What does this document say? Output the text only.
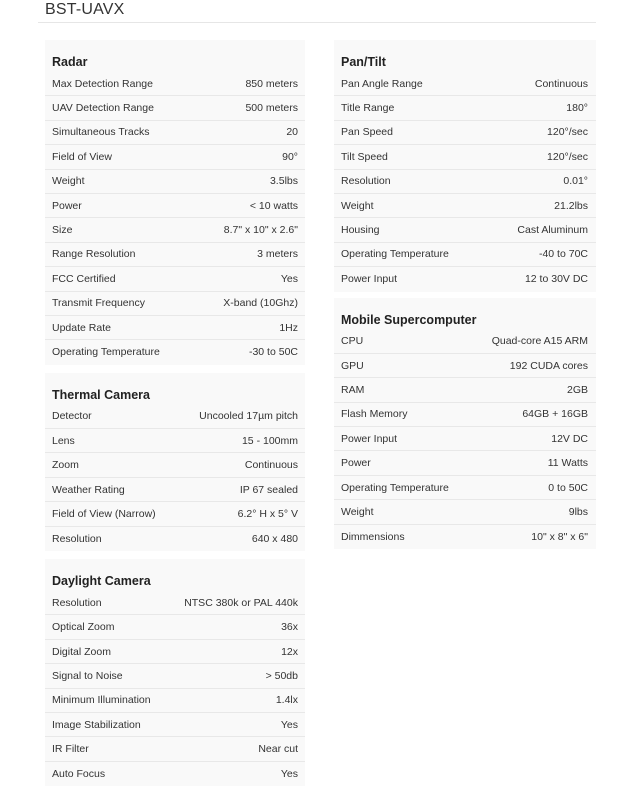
BST-UAVX
Radar
Max Detection Range	850 meters
UAV Detection Range	500 meters
Simultaneous Tracks	20
Field of View	90°
Weight	3.5lbs
Power	< 10 watts
Size	8.7" x 10" x 2.6"
Range Resolution	3 meters
FCC Certified	Yes
Transmit Frequency	X-band (10Ghz)
Update Rate	1Hz
Operating Temperature	-30 to 50C
Thermal Camera
Detector	Uncooled 17µm pitch
Lens	15 - 100mm
Zoom	Continuous
Weather Rating	IP 67 sealed
Field of View (Narrow)	6.2° H x 5° V
Resolution	640 x 480
Daylight Camera
Resolution	NTSC 380k or PAL 440k
Optical Zoom	36x
Digital Zoom	12x
Signal to Noise	> 50db
Minimum Illumination	1.4lx
Image Stabilization	Yes
IR Filter	Near cut
Auto Focus	Yes
Pan/Tilt
Pan Angle Range	Continuous
Title Range	180°
Pan Speed	120°/sec
Tilt Speed	120°/sec
Resolution	0.01°
Weight	21.2lbs
Housing	Cast Aluminum
Operating Temperature	-40 to 70C
Power Input	12 to 30V DC
Mobile Supercomputer
CPU	Quad-core A15 ARM
GPU	192 CUDA cores
RAM	2GB
Flash Memory	64GB + 16GB
Power Input	12V DC
Power	11 Watts
Operating Temperature	0 to 50C
Weight	9lbs
Dimmensions	10" x 8" x 6"
